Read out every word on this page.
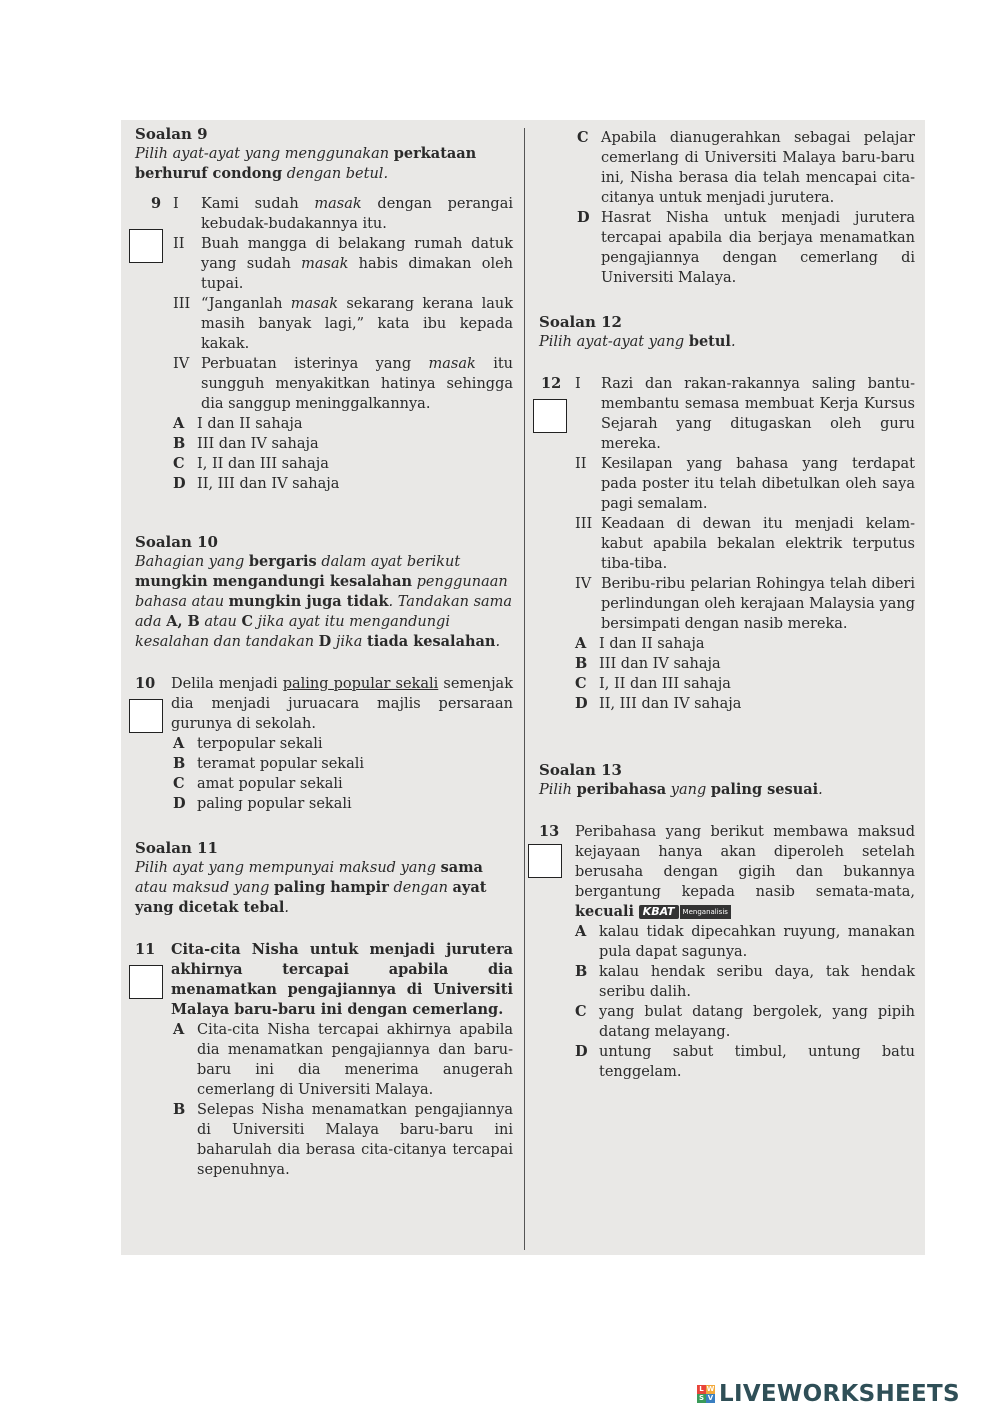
Soalan 9

Pilih ayat-ayat yang menggunakan perkataan berhuruf condong dengan betul.

9 I Kami sudah masak dengan perangai kebudak-budakannya itu.
II Buah mangga di belakang rumah datuk yang sudah masak habis dimakan oleh tupai.
III “Janganlah masak sekarang kerana lauk masih banyak lagi,” kata ibu kepada kakak.
IV Perbuatan isterinya yang masak itu sungguh menyakitkan hatinya sehingga dia sanggup meninggalkannya.
A I dan II sahaja
B III dan IV sahaja
C I, II dan III sahaja
D II, III dan IV sahaja

Soalan 10

Bahagian yang bergaris dalam ayat berikut mungkin mengandungi kesalahan penggunaan bahasa atau mungkin juga tidak. Tandakan sama ada A, B atau C jika ayat itu mengandungi kesalahan dan tandakan D jika tiada kesalahan.

10 Delila menjadi paling popular sekali semenjak dia menjadi juruacara majlis persaraan gurunya di sekolah.
A terpopular sekali
B teramat popular sekali
C amat popular sekali
D paling popular sekali

Soalan 11

Pilih ayat yang mempunyai maksud yang sama atau maksud yang paling hampir dengan ayat yang dicetak tebal.

11 Cita-cita Nisha untuk menjadi jurutera akhirnya tercapai apabila dia menamatkan pengajiannya di Universiti Malaya baru-baru ini dengan cemerlang.
A Cita-cita Nisha tercapai akhirnya apabila dia menamatkan pengajiannya dan baru-baru ini dia menerima anugerah cemerlang di Universiti Malaya.
B Selepas Nisha menamatkan pengajiannya di Universiti Malaya baru-baru ini baharulah dia berasa cita-citanya tercapai sepenuhnya.
C Apabila dianugerahkan sebagai pelajar cemerlang di Universiti Malaya baru-baru ini, Nisha berasa dia telah mencapai cita-citanya untuk menjadi jurutera.
D Hasrat Nisha untuk menjadi jurutera tercapai apabila dia berjaya menamatkan pengajiannya dengan cemerlang di Universiti Malaya.

Soalan 12

Pilih ayat-ayat yang betul.

12 I Razi dan rakan-rakannya saling bantu-membantu semasa membuat Kerja Kursus Sejarah yang ditugaskan oleh guru mereka.
II Kesilapan yang bahasa yang terdapat pada poster itu telah dibetulkan oleh saya pagi semalam.
III Keadaan di dewan itu menjadi kelam-kabut apabila bekalan elektrik terputus tiba-tiba.
IV Beribu-ribu pelarian Rohingya telah diberi perlindungan oleh kerajaan Malaysia yang bersimpati dengan nasib mereka.
A I dan II sahaja
B III dan IV sahaja
C I, II dan III sahaja
D II, III dan IV sahaja

Soalan 13

Pilih peribahasa yang paling sesuai.

13 Peribahasa yang berikut membawa maksud kejayaan hanya akan diperoleh setelah berusaha dengan gigih dan bukannya bergantung kepada nasib semata-mata, kecuali KBAT Menganalisis
A kalau tidak dipecahkan ruyung, manakan pula dapat sagunya.
B kalau hendak seribu daya, tak hendak seribu dalih.
C yang bulat datang bergolek, yang pipih datang melayang.
D untung sabut timbul, untung batu tenggelam.
L W
S V LIVEWORKSHEETS
